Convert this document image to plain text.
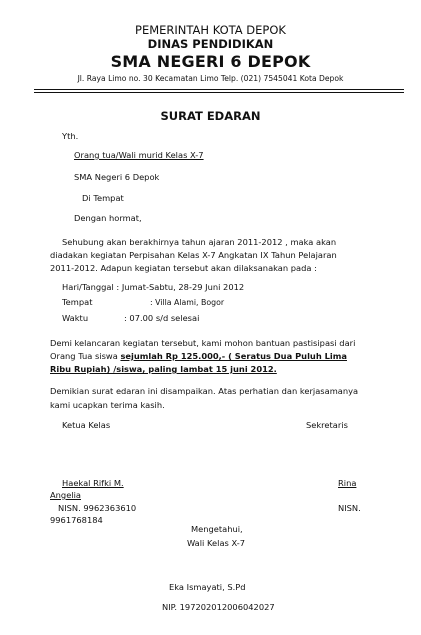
PEMERINTAH KOTA DEPOK
DINAS PENDIDIKAN
SMA NEGERI 6 DEPOK
Jl. Raya Limo no. 30 Kecamatan Limo Telp. (021) 7545041 Kota Depok
SURAT EDARAN
Yth.
Orang tua/Wali murid Kelas X-7
SMA Negeri 6 Depok
Di Tempat
Dengan hormat,
Sehubung akan berakhirnya tahun ajaran 2011-2012 , maka akan
diadakan kegiatan Perpisahan Kelas X-7 Angkatan IX Tahun Pelajaran
2011-2012. Adapun kegiatan tersebut akan dilaksanakan pada :
Hari/Tanggal : Jumat-Sabtu, 28-29 Juni 2012
Tempat	: Villa Alami, Bogor
Waktu	: 07.00 s/d selesai
Demi kelancaran kegiatan tersebut, kami mohon bantuan pastisipasi dari
Orang Tua siswa sejumlah Rp 125.000,- ( Seratus Dua Puluh Lima
Ribu Rupiah) /siswa, paling lambat 15 juni 2012.
Demikian surat edaran ini disampaikan. Atas perhatian dan kerjasamanya
kami ucapkan terima kasih.
Ketua Kelas	Sekretaris
Haekal Rifki M.	Rina
Angelia
NISN. 9962363610	NISN.
9961768184
Mengetahui,
Wali Kelas X-7
Eka Ismayati, S.Pd
NIP. 197202012006042027
